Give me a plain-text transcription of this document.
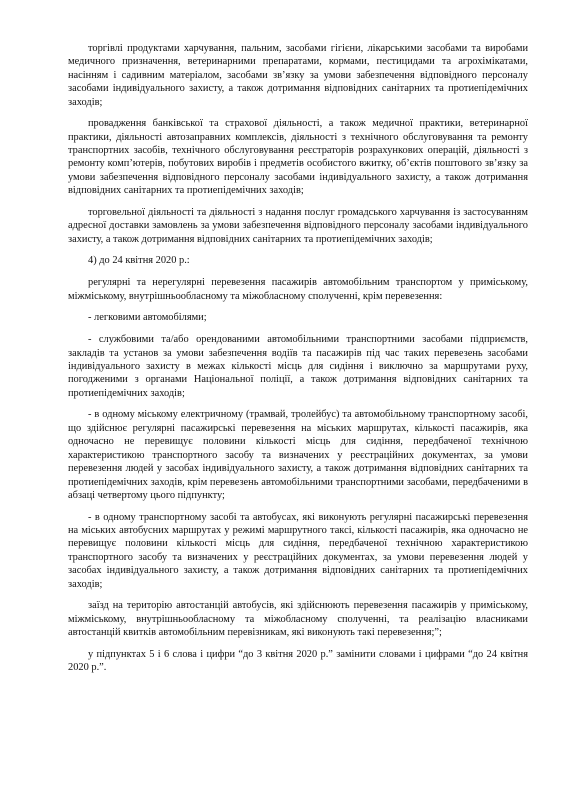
торгівлі продуктами харчування, пальним, засобами гігієни, лікарськими засобами та виробами медичного призначення, ветеринарними препаратами, кормами, пестицидами та агрохімікатами, насінням і садивним матеріалом, засобами зв’язку за умови забезпечення відповідного персоналу засобами індивідуального захисту, а також дотримання відповідних санітарних та протиепідемічних заходів;

провадження банківської та страхової діяльності, а також медичної практики, ветеринарної практики, діяльності автозаправних комплексів, діяльності з технічного обслуговування та ремонту транспортних засобів, технічного обслуговування реєстраторів розрахункових операцій, діяльності з ремонту комп’ютерів, побутових виробів і предметів особистого вжитку, об’єктів поштового зв’язку за умови забезпечення відповідного персоналу засобами індивідуального захисту, а також дотримання відповідних санітарних та протиепідемічних заходів;

торговельної діяльності та діяльності з надання послуг громадського харчування із застосуванням адресної доставки замовлень за умови забезпечення відповідного персоналу засобами індивідуального захисту, а також дотримання відповідних санітарних та протиепідемічних заходів;

4) до 24 квітня 2020 р.:

регулярні та нерегулярні перевезення пасажирів автомобільним транспортом у приміському, міжміському, внутрішньообласному та міжобласному сполученні, крім перевезення:

- легковими автомобілями;

- службовими та/або орендованими автомобільними транспортними засобами підприємств, закладів та установ за умови забезпечення водіїв та пасажирів під час таких перевезень засобами індивідуального захисту в межах кількості місць для сидіння і виключно за маршрутами руху, погодженими з органами Національної поліції, а також дотримання відповідних санітарних та протиепідемічних заходів;

- в одному міському електричному (трамвай, тролейбус) та автомобільному транспортному засобі, що здійснює регулярні пасажирські перевезення на міських маршрутах, кількості пасажирів, яка одночасно не перевищує половини кількості місць для сидіння, передбаченої технічною характеристикою транспортного засобу та визначених у реєстраційних документах, за умови перевезення людей у засобах індивідуального захисту, а також дотримання відповідних санітарних та протиепідемічних заходів, крім перевезень автомобільними транспортними засобами, передбаченими в абзаці четвертому цього підпункту;

- в одному транспортному засобі та автобусах, які виконують регулярні пасажирські перевезення на міських автобусних маршрутах у режимі маршрутного таксі, кількості пасажирів, яка одночасно не перевищує половини кількості місць для сидіння, передбаченої технічною характеристикою транспортного засобу та визначених у реєстраційних документах, за умови перевезення людей у засобах індивідуального захисту, а також дотримання відповідних санітарних та протиепідемічних заходів;

заїзд на територію автостанцій автобусів, які здійснюють перевезення пасажирів у приміському, міжміському, внутрішньообласному та міжобласному сполученні, та реалізацію власниками автостанцій квитків автомобільним перевізникам, які виконують такі перевезення;”;

у підпунктах 5 і 6 слова і цифри “до 3 квітня 2020 р.” замінити словами і цифрами “до 24 квітня 2020 р.”.
